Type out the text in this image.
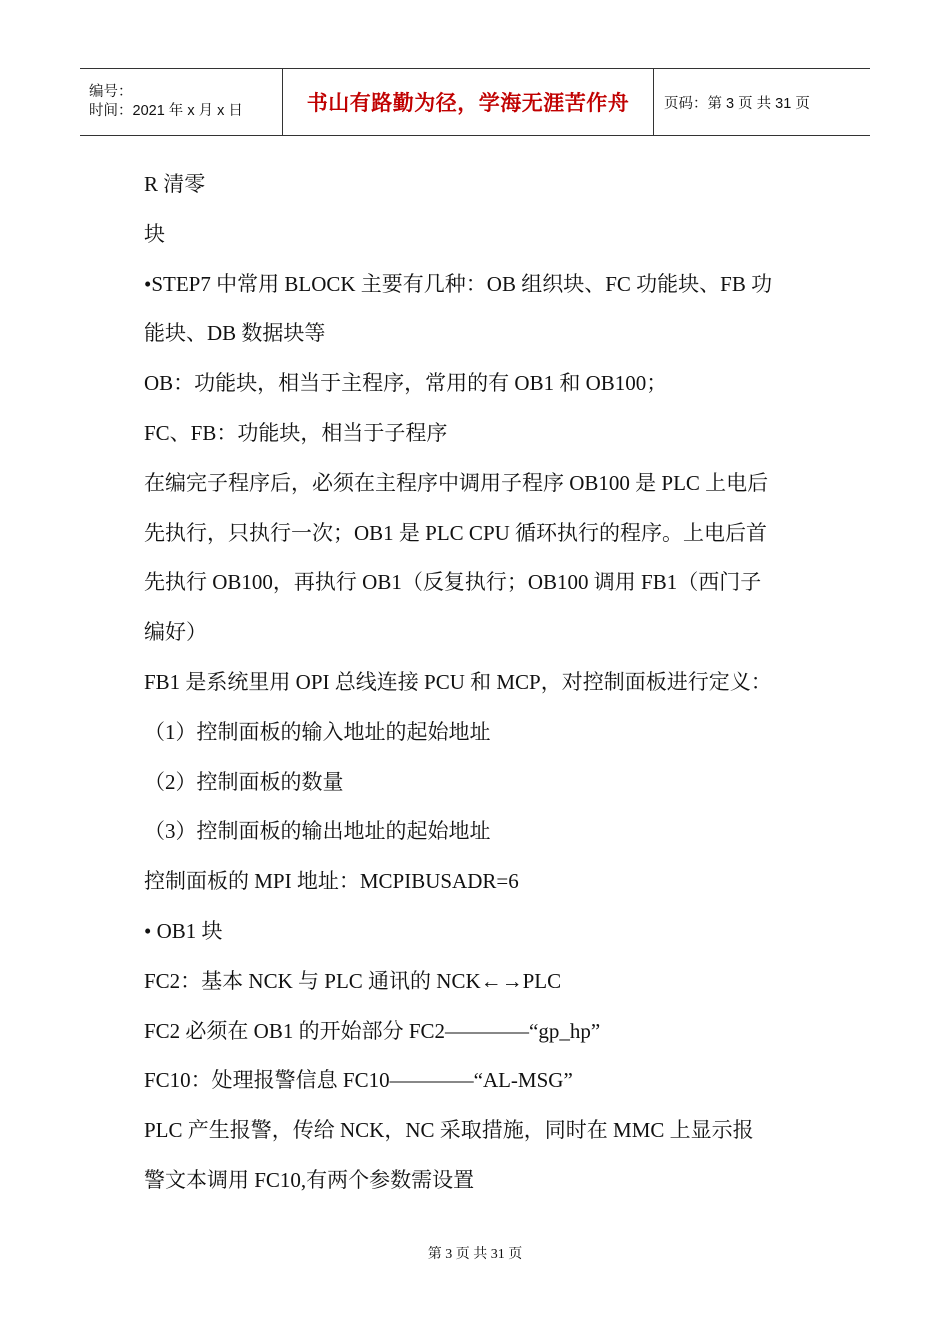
编号：
时间：2021 年 x 月 x 日	书山有路勤为径，学海无涯苦作舟 页码：第 3 页 共 31 页
R 清零
块
•STEP7 中常用 BLOCK 主要有几种：OB 组织块、FC 功能块、FB 功
能块、DB 数据块等
OB：功能块，相当于主程序，常用的有 OB1 和 OB100；
FC、FB：功能块，相当于子程序
在编完子程序后，必须在主程序中调用子程序 OB100 是 PLC 上电后
先执行，只执行一次；OB1 是 PLC CPU 循环执行的程序。上电后首
先执行 OB100，再执行 OB1（反复执行；OB100 调用 FB1（西门子
编好）
FB1 是系统里用 OPI 总线连接 PCU 和 MCP，对控制面板进行定义：
（1）控制面板的输入地址的起始地址
（2）控制面板的数量
（3）控制面板的输出地址的起始地址
控制面板的 MPI 地址：MCPIBUSADR=6
• OB1 块
FC2：基本 NCK 与 PLC 通讯的 NCK←→PLC
FC2 必须在 OB1 的开始部分 FC2————“gp_hp”
FC10：处理报警信息 FC10————“AL-MSG”
PLC 产生报警，传给 NCK，NC 采取措施，同时在 MMC 上显示报
警文本调用 FC10,有两个参数需设置
第 3 页 共 31 页
